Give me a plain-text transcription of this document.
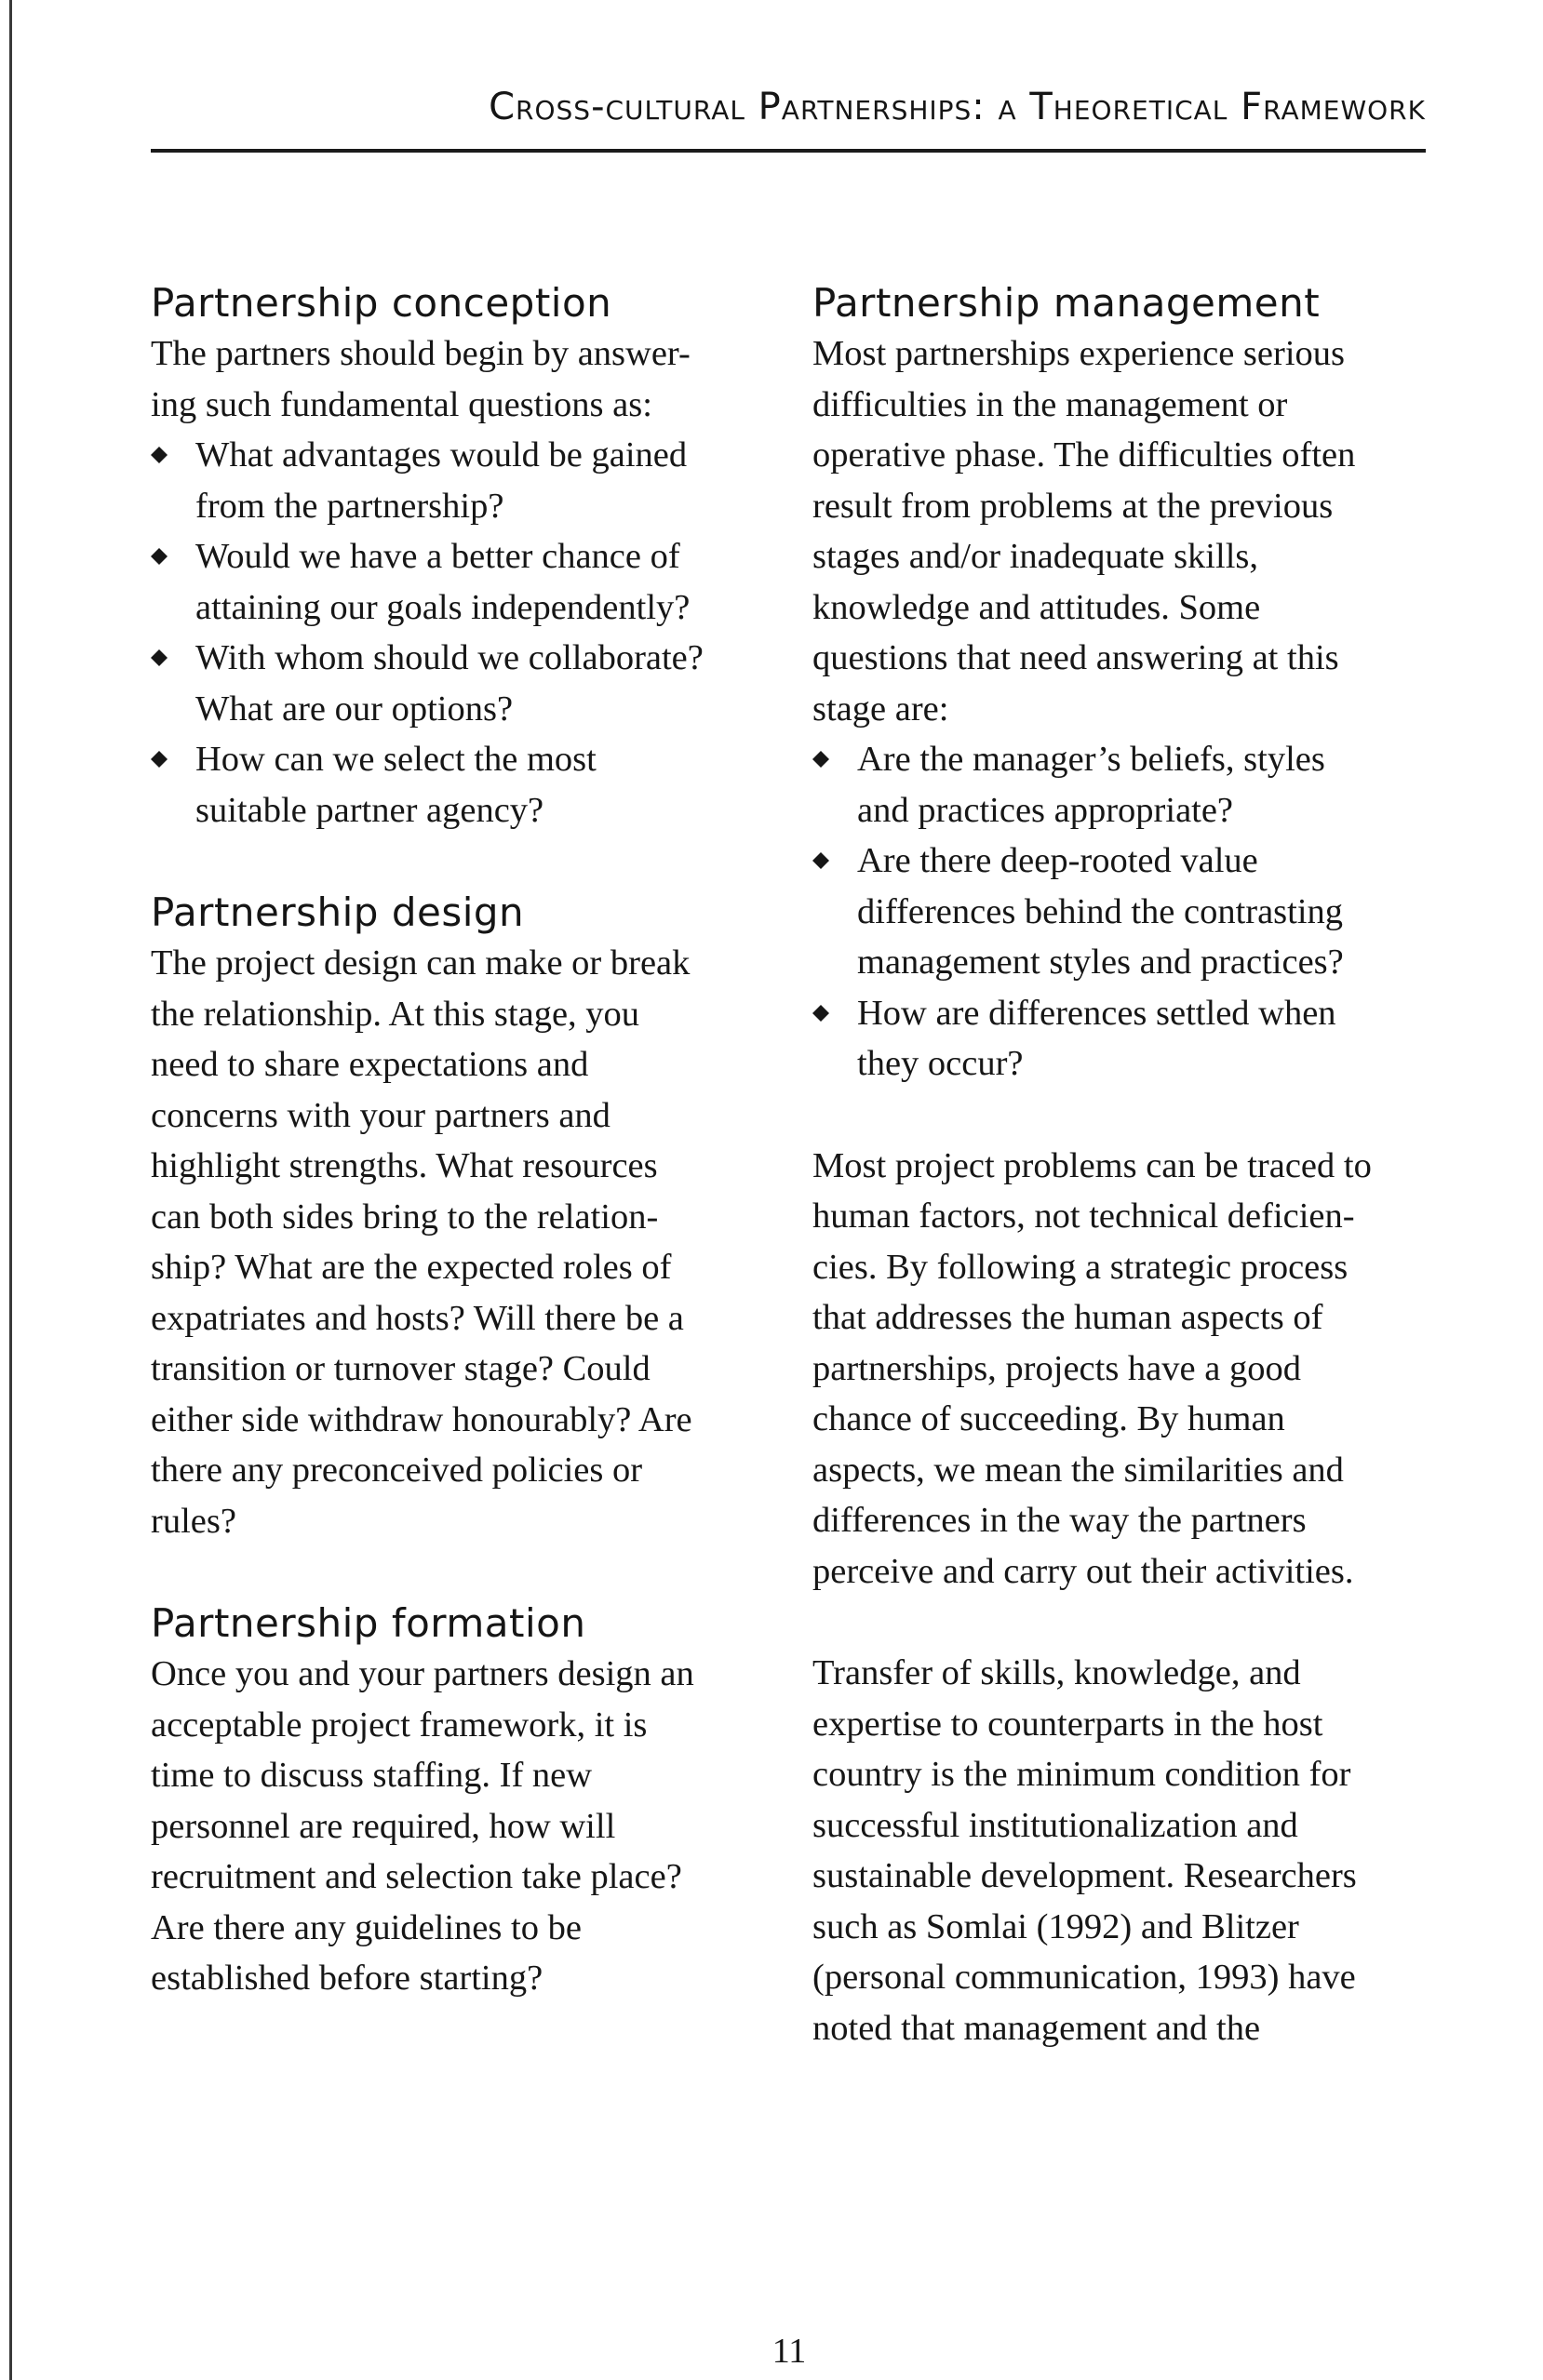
Cross-cultural Partnerships: a Theoretical Framework
Partnership conception

The partners should begin by answer-
ing such fundamental questions as:

What advantages would be gained
from the partnership?
Would we have a better chance of
attaining our goals independently?
With whom should we collaborate?
What are our options?
How can we select the most
suitable partner agency?
Partnership design

The project design can make or break
the relationship. At this stage, you
need to share expectations and
concerns with your partners and
highlight strengths. What resources
can both sides bring to the relation-
ship? What are the expected roles of
expatriates and hosts? Will there be a
transition or turnover stage? Could
either side withdraw honourably? Are
there any preconceived policies or
rules?

Partnership formation

Once you and your partners design an
acceptable project framework, it is
time to discuss staffing. If new
personnel are required, how will
recruitment and selection take place?
Are there any guidelines to be
established before starting?

Partnership management

Most partnerships experience serious
difficulties in the management or
operative phase. The difficulties often
result from problems at the previous
stages and/or inadequate skills,
knowledge and attitudes. Some
questions that need answering at this
stage are:

Are the manager’s beliefs, styles
and practices appropriate?
Are there deep-rooted value
differences behind the contrasting
management styles and practices?
How are differences settled when
they occur?

Most project problems can be traced to
human factors, not technical deficien-
cies. By following a strategic process
that addresses the human aspects of
partnerships, projects have a good
chance of succeeding. By human
aspects, we mean the similarities and
differences in the way the partners
perceive and carry out their activities.

Transfer of skills, knowledge, and
expertise to counterparts in the host
country is the minimum condition for
successful institutionalization and
sustainable development. Researchers
such as Somlai (1992) and Blitzer
(personal communication, 1993) have
noted that management and the

11
